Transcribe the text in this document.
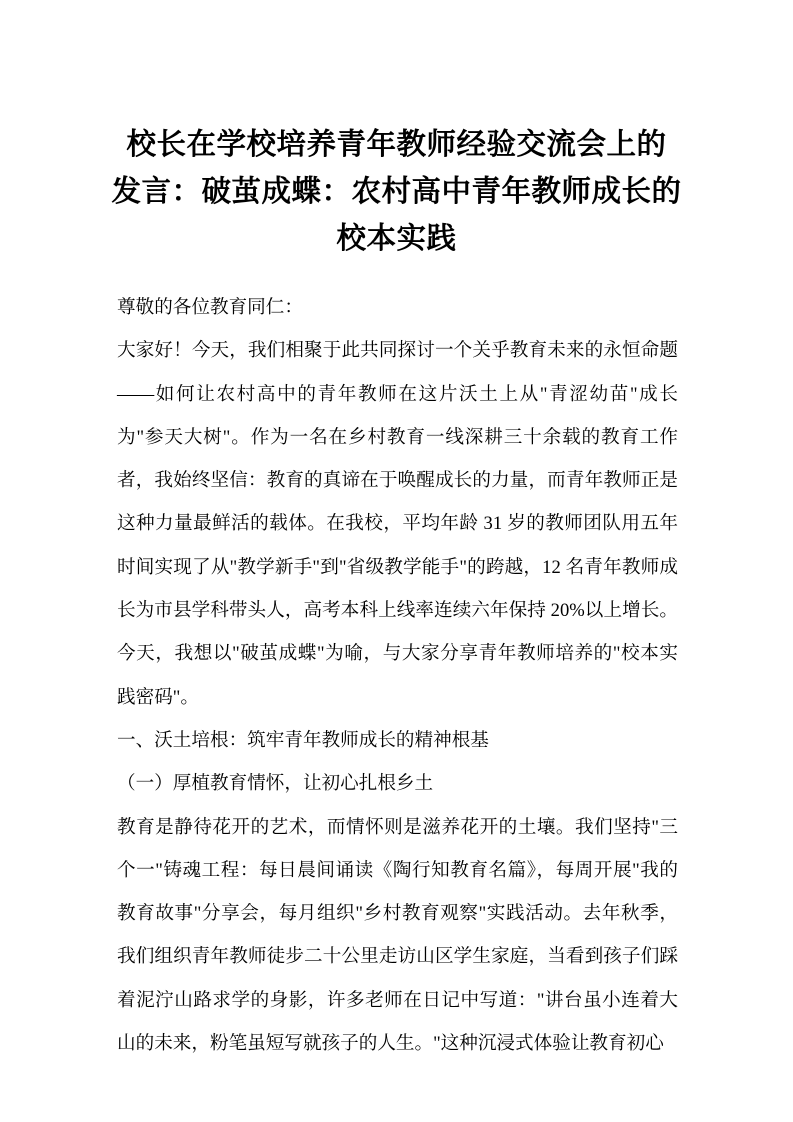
校长在学校培养青年教师经验交流会上的
发言：破茧成蝶：农村高中青年教师成长的
校本实践

尊敬的各位教育同仁：

大家好！今天，我们相聚于此共同探讨一个关乎教育未来的永恒命题——如何让农村高中的青年教师在这片沃土上从"青涩幼苗"成长为"参天大树"。作为一名在乡村教育一线深耕三十余载的教育工作者，我始终坚信：教育的真谛在于唤醒成长的力量，而青年教师正是这种力量最鲜活的载体。在我校，平均年龄 31 岁的教师团队用五年时间实现了从"教学新手"到"省级教学能手"的跨越，12 名青年教师成长为市县学科带头人，高考本科上线率连续六年保持 20%以上增长。今天，我想以"破茧成蝶"为喻，与大家分享青年教师培养的"校本实践密码"。

一、沃土培根：筑牢青年教师成长的精神根基

（一）厚植教育情怀，让初心扎根乡土

教育是静待花开的艺术，而情怀则是滋养花开的土壤。我们坚持"三个一"铸魂工程：每日晨间诵读《陶行知教育名篇》，每周开展"我的教育故事"分享会，每月组织"乡村教育观察"实践活动。去年秋季，我们组织青年教师徒步二十公里走访山区学生家庭，当看到孩子们踩着泥泞山路求学的身影，许多老师在日记中写道："讲台虽小连着大山的未来，粉笔虽短写就孩子的人生。"这种沉浸式体验让教育初心
